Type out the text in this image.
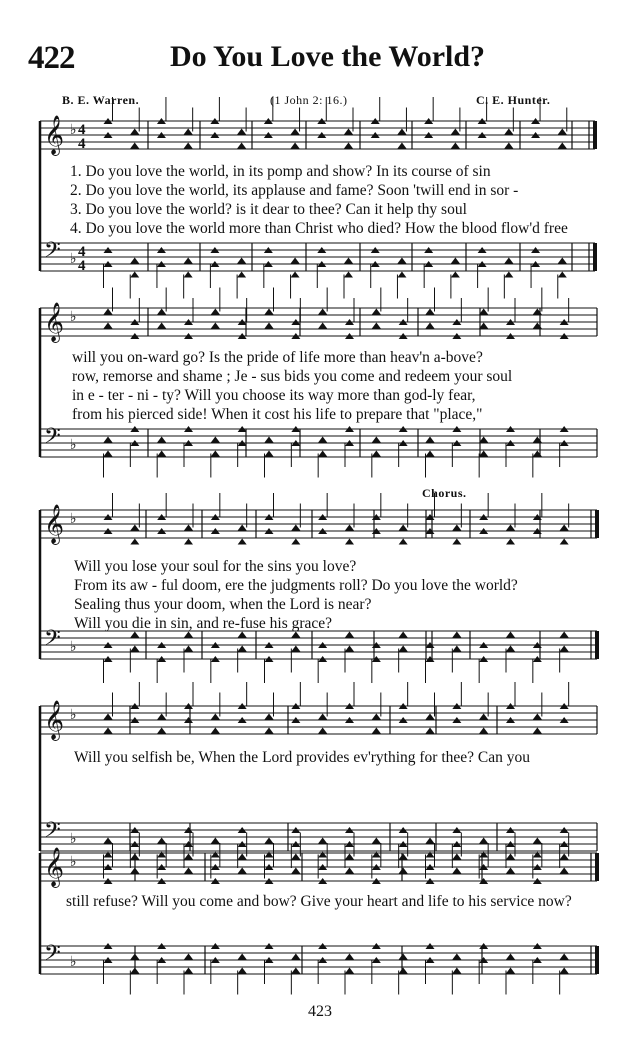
422	Do You Love the World?
B. E. Warren.	(1 John 2: 16.)	C. E. Hunter.
Chorus.
𝄞 ♭
𝄢 ♭
4
4
4
4
𝄞 ♭
𝄢 ♭
𝄞 ♭
𝄢 ♭
𝄞 ♭
𝄢 ♭
𝄞 ♭
𝄢 ♭
1. Do you love the world, in its pomp and show? In its course of sin
2. Do you love the world, its applause and fame? Soon 'twill end in sor -
3. Do you love the world? is it dear to thee? Can it help thy soul
4. Do you love the world more than Christ who died? How the blood flow'd free
will you on-ward go? Is the pride of life more than heav'n a-bove?
row, remorse and shame ; Je - sus bids you come and redeem your soul
in e - ter - ni - ty? Will you choose its way more than god-ly fear,
from his pierced side! When it cost his life to prepare that "place,"
Will you lose your soul for the sins you love?
From its aw - ful doom, ere the judgments roll? Do you love the world?
Sealing thus your doom, when the Lord is near?
Will you die in sin, and re-fuse his grace?
Will you selfish be, When the Lord provides ev'rything for thee? Can you
still refuse? Will you come and bow? Give your heart and life to his service now?
423
